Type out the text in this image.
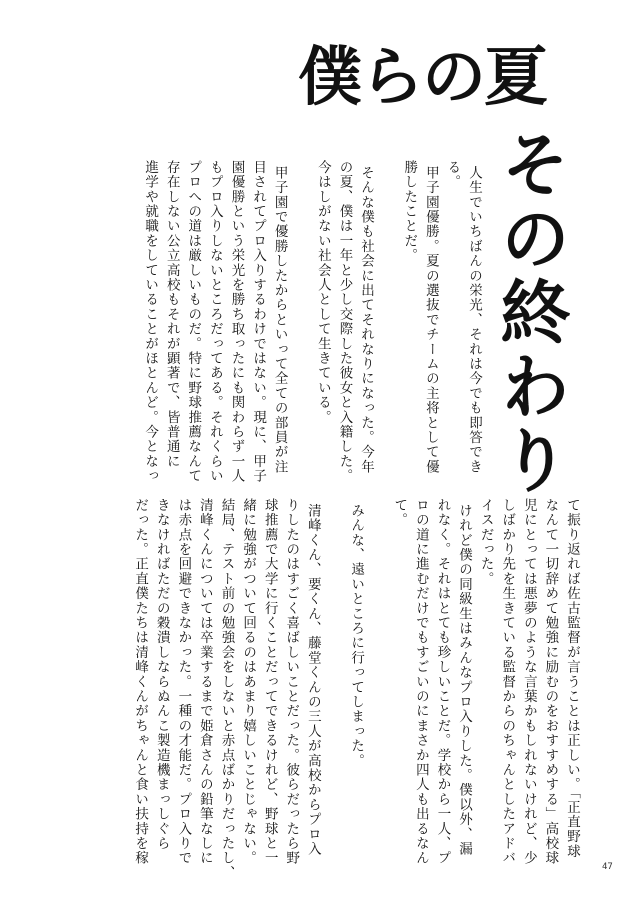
僕らの夏
その終わり

人生でいちばんの栄光、それは今でも即答でき

る。

甲子園優勝。夏の選抜でチームの主将として優

勝したことだ。

そんな僕も社会に出てそれなりになった。今年

の夏、僕は一年と少し交際した彼女と入籍した。

今はしがない社会人として生きている。

甲子園で優勝したからといって全ての部員が注

目されてプロ入りするわけではない。現に、甲子

園優勝という栄光を勝ち取ったにも関わらず一人

もプロ入りしないところだってある。それくらい

プロへの道は厳しいものだ。特に野球推薦なんて

存在しない公立高校もそれが顕著で、皆普通に

進学や就職をしていることがほとんど。今となっ

て振り返れば佐古監督が言うことは正しい。「正直野球

なんて一切辞めて勉強に励むのをおすすめする」高校球

児にとっては悪夢のような言葉かもしれないけれど、少

しばかり先を生きている監督からのちゃんとしたアドバ

イスだった。

けれど僕の同級生はみんなプロ入りした。僕以外、漏

れなく。それはとても珍しいことだ。学校から一人、プ

ロの道に進むだけでもすごいのにまさか四人も出るなん

て。

みんな、遠いところに行ってしまった。

清峰くん、要くん、藤堂くんの三人が高校からプロ入

りしたのはすごく喜ばしいことだった。彼らだったら野

球推薦で大学に行くことだってできるけれど、野球と一

緒に勉強がついて回るのはあまり嬉しいことじゃない。

結局、テスト前の勉強会をしないと赤点ばかりだったし、

清峰くんについては卒業するまで姫倉さんの鉛筆なしに

は赤点を回避できなかった。一種の才能だ。プロ入りで

きなければただの穀潰しならぬんこ製造機まっしぐら

だった。正直僕たちは清峰くんがちゃんと食い扶持を稼

47
